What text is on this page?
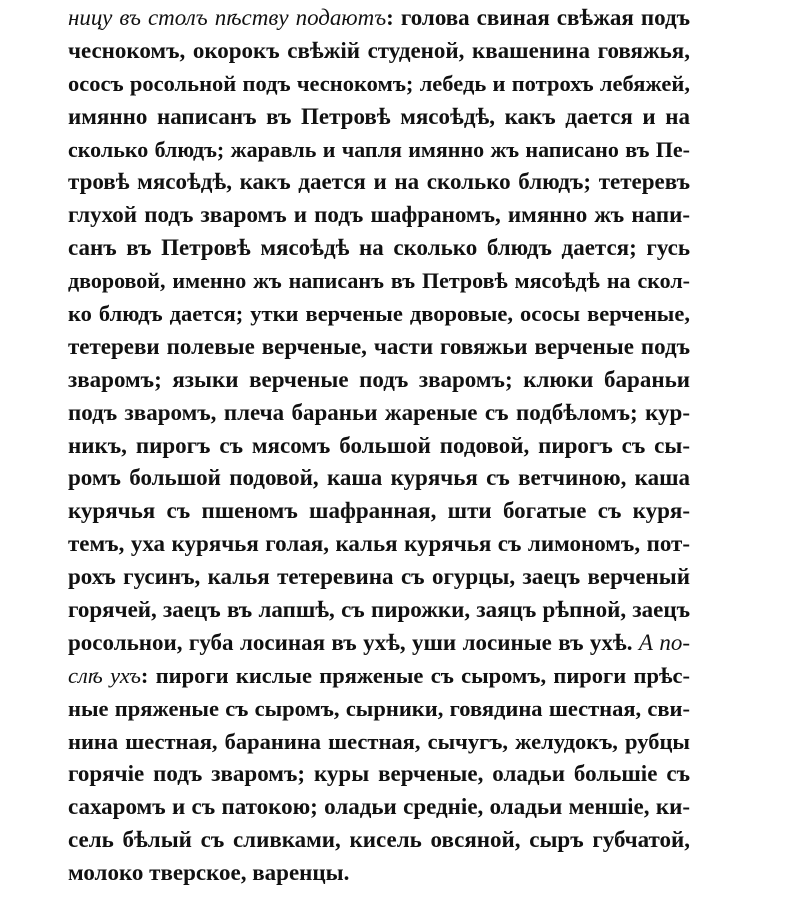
ницу въ столъ пѣству подаютъ: голова свиная свѣжая подъ
чеснокомъ, окорокъ свѣжій студеной, квашенина говяжья,
ососъ росольной подъ чеснокомъ; лебедь и потрохъ лебяжей,
имянно написанъ въ Петровѣ мясоѣдѣ, какъ дается и на
сколько блюдъ; жаравль и чапля имянно жъ написано въ Пе-
тровѣ мясоѣдѣ, какъ дается и на сколько блюдъ; тетеревъ
глухой подъ зваромъ и подъ шафраномъ, имянно жъ напи-
санъ въ Петровѣ мясоѣдѣ на сколько блюдъ дается; гусь
дворовой, именно жъ написанъ въ Петровѣ мясоѣдѣ на скол-
ко блюдъ дается; утки верченые дворовые, ососы верченые,
тетереви полевые верченые, части говяжьи верченые подъ
зваромъ; языки верченые подъ зваромъ; клюки бараньи
подъ зваромъ, плеча бараньи жареные съ подбѣломъ; кур-
никъ, пирогъ съ мясомъ большой подовой, пирогъ съ сы-
ромъ большой подовой, каша курячья съ ветчиною, каша
курячья съ пшеномъ шафранная, шти богатые съ куря-
темъ, уха курячья голая, калья курячья съ лимономъ, пот-
рохъ гусинъ, калья тетеревина съ огурцы, заецъ верченый
горячей, заецъ въ лапшѣ, съ пирожки, заяцъ рѣпной, заецъ
росольнои, губа лосиная въ ухѣ, уши лосиные въ ухѣ. А по-
слѣ ухъ: пироги кислые пряженые съ сыромъ, пироги прѣс-
ные пряженые съ сыромъ, сырники, говядина шестная, сви-
нина шестная, баранина шестная, сычугъ, желудокъ, рубцы
горячіе подъ зваромъ; куры верченые, оладьи большіе съ
сахаромъ и съ патокою; оладьи средніе, оладьи меншіе, ки-
сель бѣлый съ сливками, кисель овсяной, сыръ губчатой,
молоко тверское, варенцы.
